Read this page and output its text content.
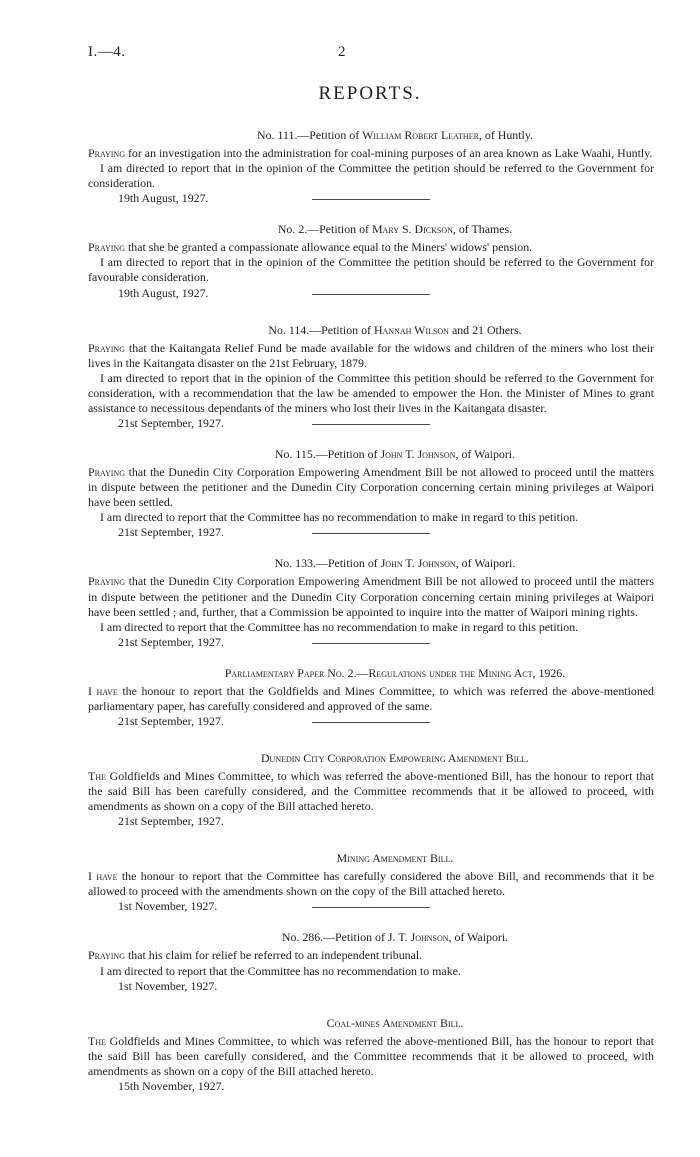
I.—4.	2
REPORTS.
No. 111.—Petition of William Robert Leather, of Huntly.

Praying for an investigation into the administration for coal-mining purposes of an area known as Lake Waahi, Huntly.

I am directed to report that in the opinion of the Committee the petition should be referred to the Government for consideration.

19th August, 1927.
No. 2.—Petition of Mary S. Dickson, of Thames.

Praying that she be granted a compassionate allowance equal to the Miners' widows' pension.

I am directed to report that in the opinion of the Committee the petition should be referred to the Government for favourable consideration.

19th August, 1927.
No. 114.—Petition of Hannah Wilson and 21 Others.

Praying that the Kaitangata Relief Fund be made available for the widows and children of the miners who lost their lives in the Kaitangata disaster on the 21st February, 1879.

I am directed to report that in the opinion of the Committee this petition should be referred to the Government for consideration, with a recommendation that the law be amended to empower the Hon. the Minister of Mines to grant assistance to necessitous dependants of the miners who lost their lives in the Kaitangata disaster.

21st September, 1927.
No. 115.—Petition of John T. Johnson, of Waipori.

Praying that the Dunedin City Corporation Empowering Amendment Bill be not allowed to proceed until the matters in dispute between the petitioner and the Dunedin City Corporation concerning certain mining privileges at Waipori have been settled.

I am directed to report that the Committee has no recommendation to make in regard to this petition.

21st September, 1927.
No. 133.—Petition of John T. Johnson, of Waipori.

Praying that the Dunedin City Corporation Empowering Amendment Bill be not allowed to proceed until the matters in dispute between the petitioner and the Dunedin City Corporation concerning certain mining privileges at Waipori have been settled ; and, further, that a Commission be appointed to inquire into the matter of Waipori mining rights.

I am directed to report that the Committee has no recommendation to make in regard to this petition.

21st September, 1927.
Parliamentary Paper No. 2.—Regulations under the Mining Act, 1926.

I have the honour to report that the Goldfields and Mines Committee, to which was referred the above-mentioned parliamentary paper, has carefully considered and approved of the same.

21st September, 1927.
Dunedin City Corporation Empowering Amendment Bill.

The Goldfields and Mines Committee, to which was referred the above-mentioned Bill, has the honour to report that the said Bill has been carefully considered, and the Committee recommends that it be allowed to proceed, with amendments as shown on a copy of the Bill attached hereto.

21st September, 1927.
Mining Amendment Bill.

I have the honour to report that the Committee has carefully considered the above Bill, and recommends that it be allowed to proceed with the amendments shown on the copy of the Bill attached hereto.

1st November, 1927.
No. 286.—Petition of J. T. Johnson, of Waipori.

Praying that his claim for relief be referred to an independent tribunal.

I am directed to report that the Committee has no recommendation to make.

1st November, 1927.
Coal-mines Amendment Bill.

The Goldfields and Mines Committee, to which was referred the above-mentioned Bill, has the honour to report that the said Bill has been carefully considered, and the Committee recommends that it be allowed to proceed, with amendments as shown on a copy of the Bill attached hereto.

15th November, 1927.
